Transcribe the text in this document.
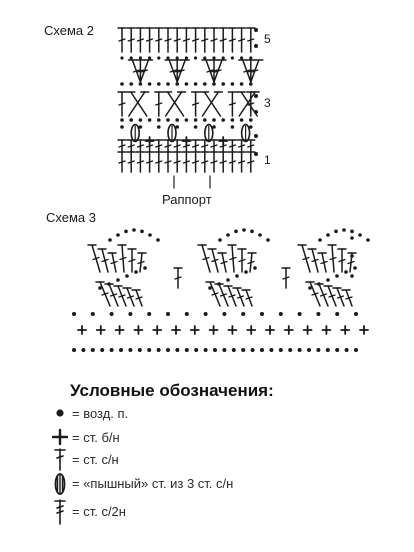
Схема 2
5
3
1
Раппорт
Схема 3
Условные обозначения:
= возд. п.
= ст. б/н
= ст. с/н
= «пышный» ст. из 3 ст. с/н
= ст. с/2н
